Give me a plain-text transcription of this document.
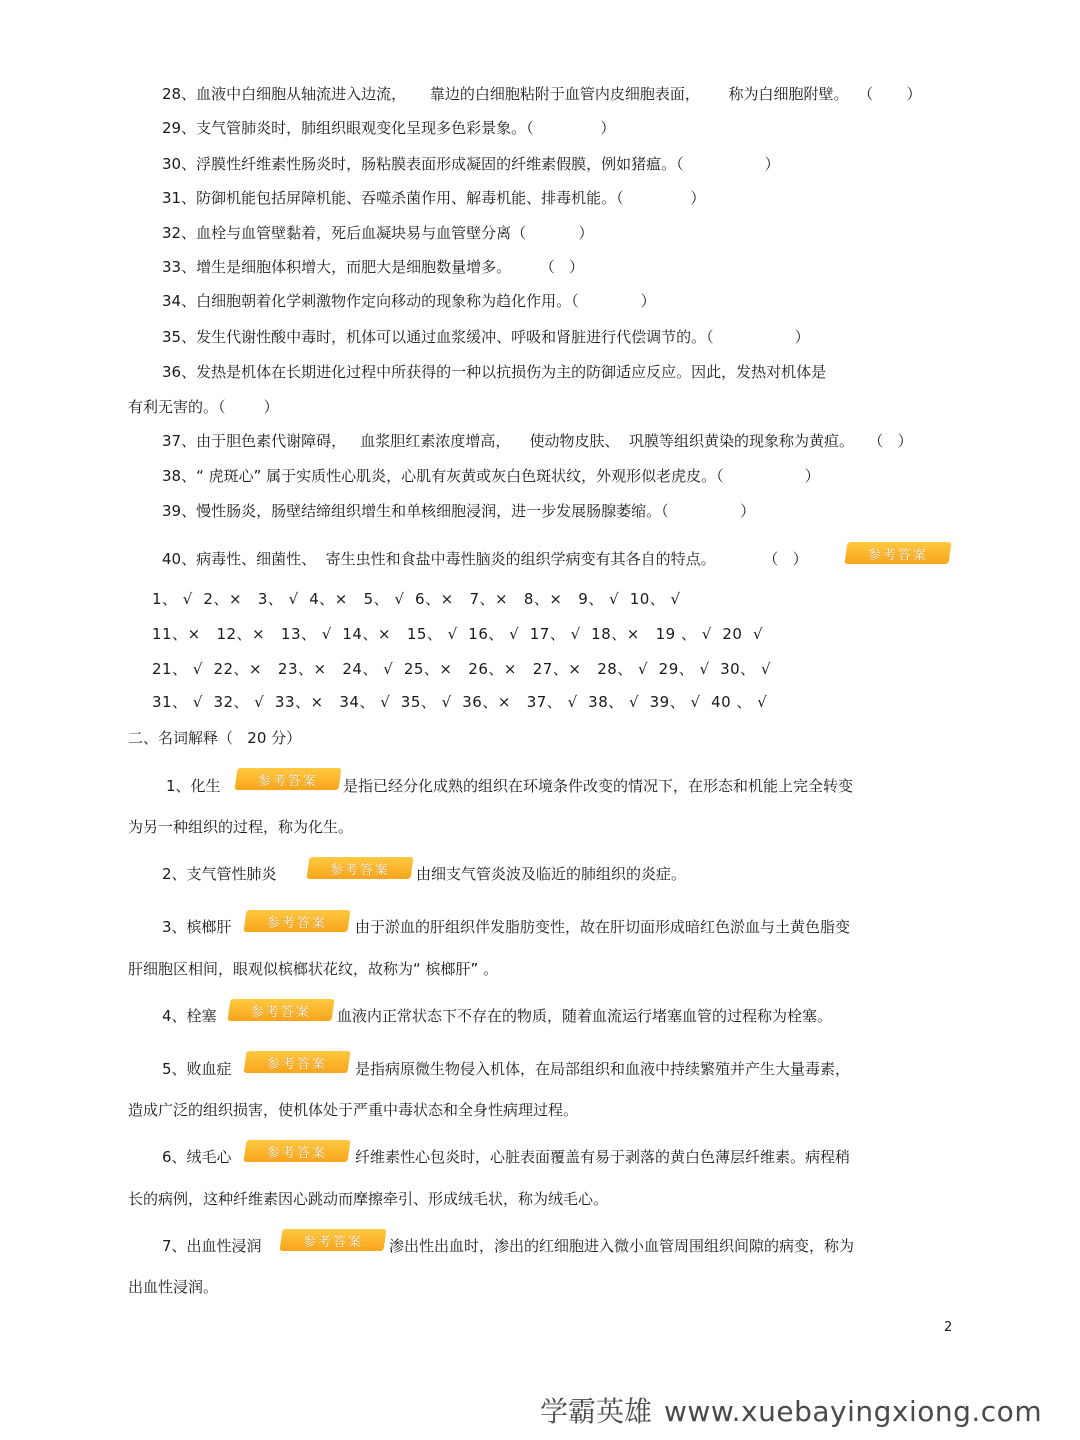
28、血液中白细胞从轴流进入边流，     靠边的白细胞粘附于血管内皮细胞表面，      称为白细胞附壁。  （       ）
29、支气管肺炎时，肺组织眼观变化呈现多色彩景象。（              ）
30、浮膜性纤维素性肠炎时，肠粘膜表面形成凝固的纤维素假膜，例如猪瘟。（                 ）
31、防御机能包括屏障机能、吞噬杀菌作用、解毒机能、排毒机能。（              ）
32、血栓与血管壁黏着，死后血凝块易与血管壁分离（           ）
33、增生是细胞体积增大，而肥大是细胞数量增多。      （   ）
34、白细胞朝着化学刺激物作定向移动的现象称为趋化作用。（             ）
35、发生代谢性酸中毒时，机体可以通过血浆缓冲、呼吸和肾脏进行代偿调节的。（                 ）
36、发热是机体在长期进化过程中所获得的一种以抗损伤为主的防御适应反应。因此，发热对机体是
有利无害的。（        ）
37、由于胆色素代谢障碍，   血浆胆红素浓度增高，    使动物皮肤、  巩膜等组织黄染的现象称为黄疸。   （   ）
38、“ 虎斑心” 属于实质性心肌炎，心肌有灰黄或灰白色斑状纹，外观形似老虎皮。（                 ）
39、慢性肠炎，肠壁结缔组织增生和单核细胞浸润，进一步发展肠腺萎缩。（               ）
40、病毒性、细菌性、  寄生虫性和食盐中毒性脑炎的组织学病变有其各自的特点。          （   ）	参考答案
1、 √  2、×   3、 √  4、×   5、 √  6、×   7、×   8、×   9、 √  10、 √
11、×   12、×   13、 √  14、×   15、 √  16、 √  17、 √  18、×   19 、 √  20  √
21、 √  22、×   23、×   24、 √  25、×   26、×   27、×   28、 √  29、 √  30、 √
31、 √  32、 √  33、×   34、 √  35、 √  36、×   37、 √  38、 √  39、 √  40 、 √
二、名词解释（   20 分）
1、化生	参考答案 是指已经分化成熟的组织在环境条件改变的情况下，在形态和机能上完全转变
为另一种组织的过程，称为化生。
2、支气管性肺炎	参考答案 由细支气管炎波及临近的肺组织的炎症。
3、槟榔肝	参考答案 由于淤血的肝组织伴发脂肪变性，故在肝切面形成暗红色淤血与土黄色脂变
肝细胞区相间，眼观似槟榔状花纹，故称为“ 槟榔肝” 。
4、栓塞	参考答案 血液内正常状态下不存在的物质，随着血流运行堵塞血管的过程称为栓塞。
5、败血症	参考答案 是指病原微生物侵入机体，在局部组织和血液中持续繁殖并产生大量毒素，
造成广泛的组织损害，使机体处于严重中毒状态和全身性病理过程。
6、绒毛心	参考答案 纤维素性心包炎时，心脏表面覆盖有易于剥落的黄白色薄层纤维素。病程稍
长的病例，这种纤维素因心跳动而摩擦牵引、形成绒毛状，称为绒毛心。
7、出血性浸润	参考答案 渗出性出血时，渗出的红细胞进入微小血管周围组织间隙的病变，称为
出血性浸润。
2
学霸英雄 www.xuebayingxiong.com
